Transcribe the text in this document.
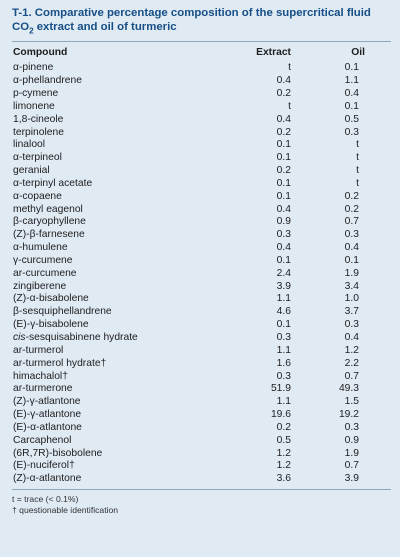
T-1. Comparative percentage composition of the supercritical fluid $CO_2$ extract and oil of turmeric
Compound	Extract	Oil
α-pinene	t	0.1
α-phellandrene	0.4	1.1
p-cymene	0.2	0.4
limonene	t	0.1
1,8-cineole	0.4	0.5
terpinolene	0.2	0.3
linalool	0.1	t
α-terpineol	0.1	t
geranial	0.2	t
α-terpinyl acetate	0.1	t
α-copaene	0.1	0.2
methyl eagenol	0.4	0.2
β-caryophyllene	0.9	0.7
(Z)-β-farnesene	0.3	0.3
α-humulene	0.4	0.4
γ-curcumene	0.1	0.1
ar-curcumene	2.4	1.9
zingiberene	3.9	3.4
(Z)-α-bisabolene	1.1	1.0
β-sesquiphellandrene	4.6	3.7
(E)-γ-bisabolene	0.1	0.3
cis-sesquisabinene hydrate	0.3	0.4
ar-turmerol	1.1	1.2
ar-turmerol hydrate†	1.6	2.2
himachalol†	0.3	0.7
ar-turmerone	51.9	49.3
(Z)-γ-atlantone	1.1	1.5
(E)-γ-atlantone	19.6	19.2
(E)-α-atlantone	0.2	0.3
Carcaphenol	0.5	0.9
(6R,7R)-bisobolene	1.2	1.9
(E)-nuciferol†	1.2	0.7
(Z)-α-atlantone	3.6	3.9
t = trace (< 0.1%)
† questionable identification
